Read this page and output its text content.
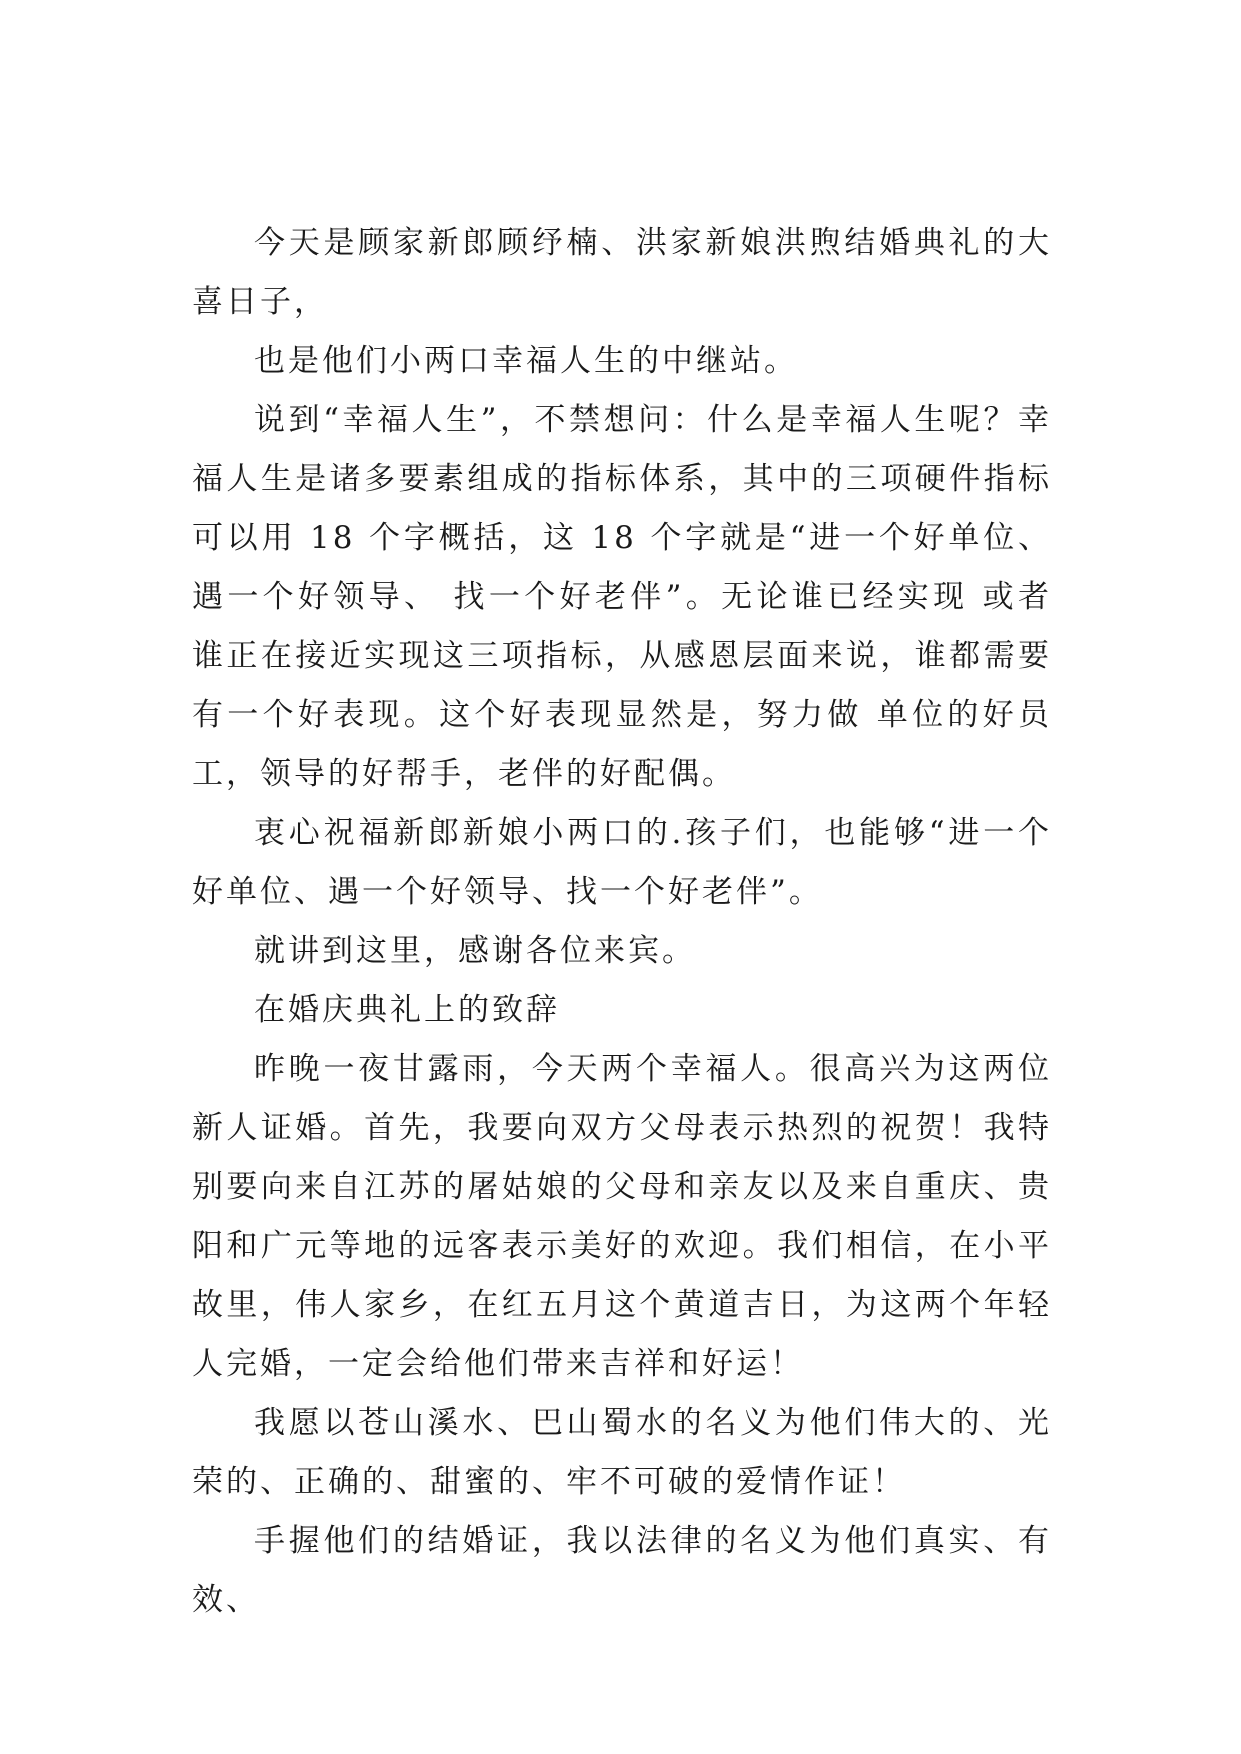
今天是顾家新郎顾纾楠、洪家新娘洪煦结婚典礼的大喜日子，

也是他们小两口幸福人生的中继站。

说到“幸福人生”，不禁想问：什么是幸福人生呢？幸福人生是诸多要素组成的指标体系，其中的三项硬件指标可以用 18 个字概括，这 18 个字就是“进一个好单位、遇一个好领导、 找一个好老伴”。无论谁已经实现 或者谁正在接近实现这三项指标，从感恩层面来说，谁都需要有一个好表现。这个好表现显然是，努力做 单位的好员工，领导的好帮手，老伴的好配偶。

衷心祝福新郎新娘小两口的.孩子们，也能够“进一个好单位、遇一个好领导、找一个好老伴”。

就讲到这里，感谢各位来宾。

在婚庆典礼上的致辞

昨晚一夜甘露雨，今天两个幸福人。很高兴为这两位新人证婚。首先，我要向双方父母表示热烈的祝贺！我特别要向来自江苏的屠姑娘的父母和亲友以及来自重庆、贵阳和广元等地的远客表示美好的欢迎。我们相信，在小平故里，伟人家乡，在红五月这个黄道吉日，为这两个年轻人完婚，一定会给他们带来吉祥和好运！

我愿以苍山溪水、巴山蜀水的名义为他们伟大的、光荣的、正确的、甜蜜的、牢不可破的爱情作证！

手握他们的结婚证，我以法律的名义为他们真实、有效、
